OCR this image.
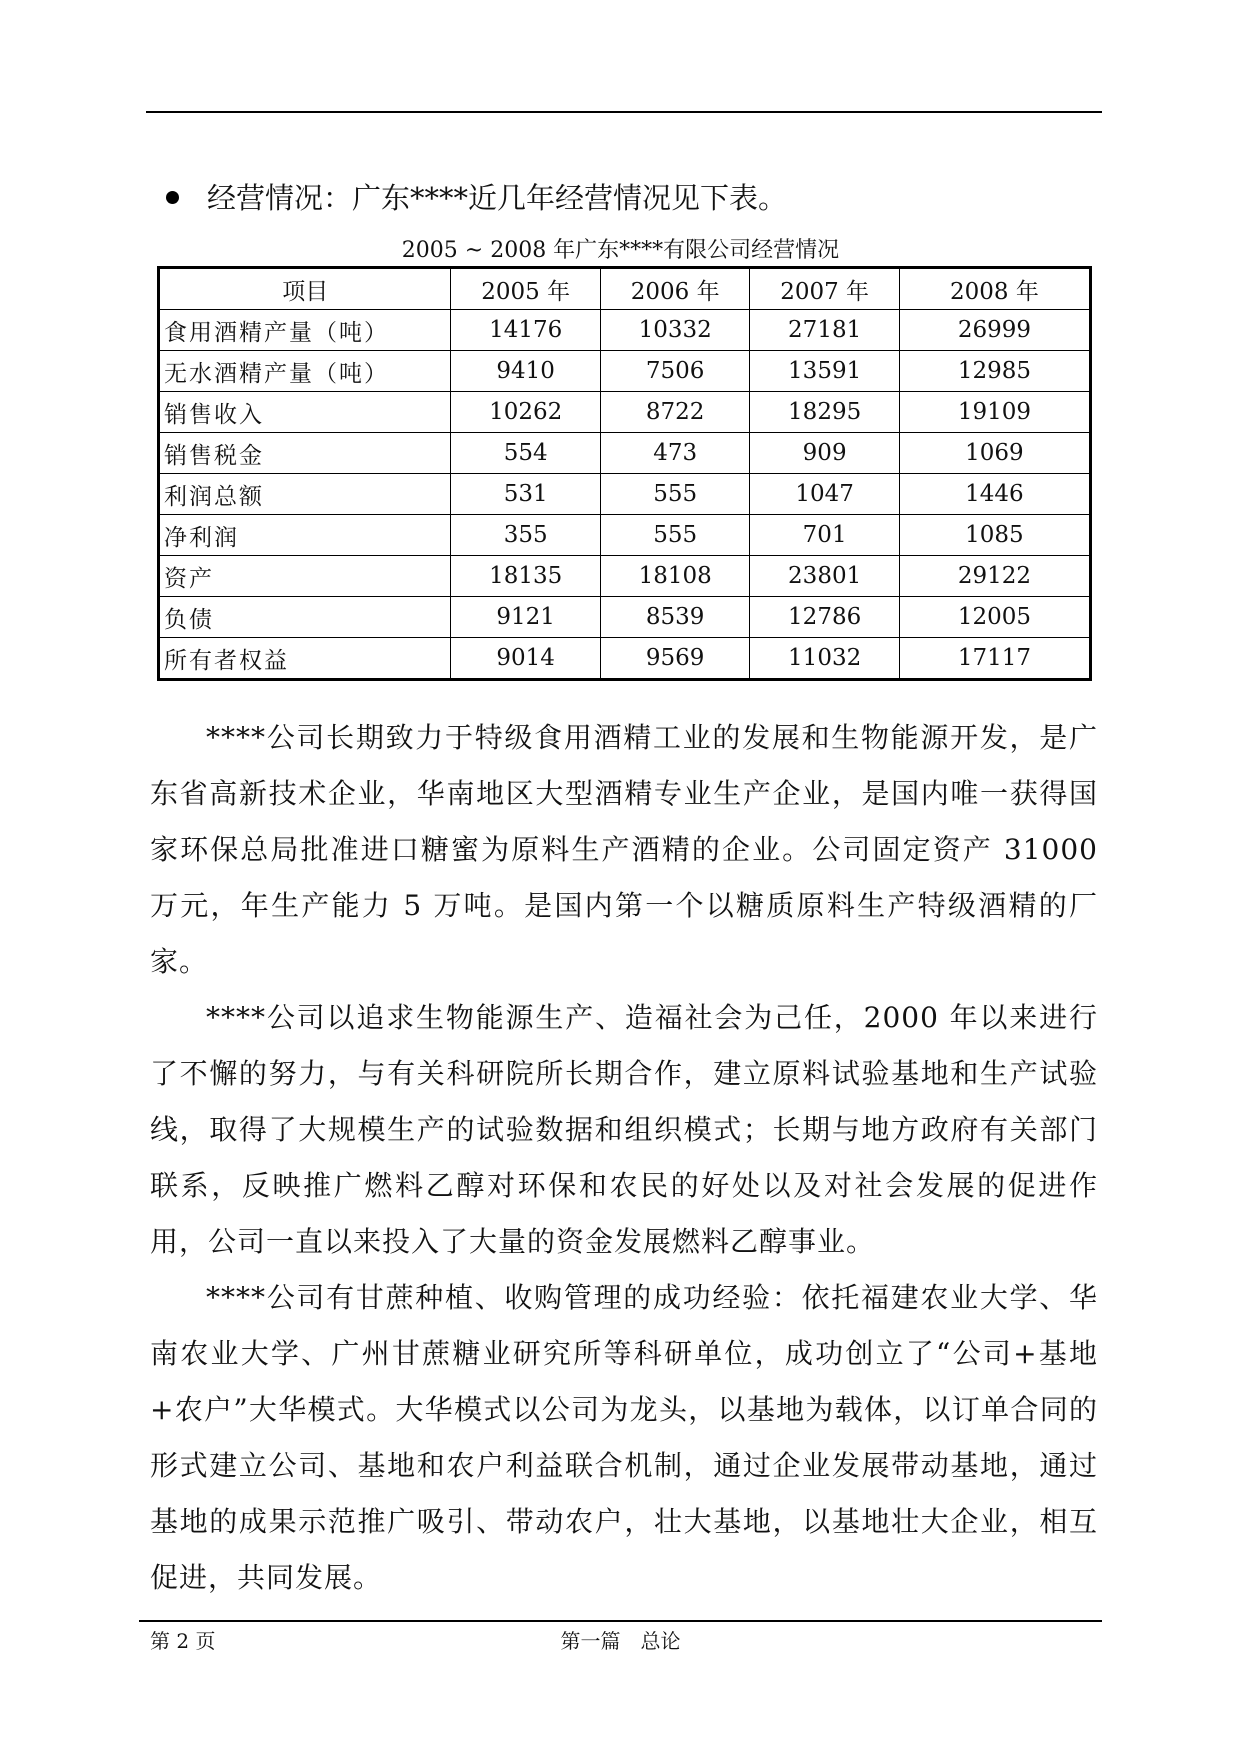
经营情况：广东****近几年经营情况见下表。
2005 ~ 2008 年广东****有限公司经营情况
项目	2005 年	2006 年	2007 年	2008 年
食用酒精产量（吨）	14176	10332	27181	26999
无水酒精产量（吨）	9410	7506	13591	12985
销售收入	10262	8722	18295	19109
销售税金	554	473	909	1069
利润总额	531	555	1047	1446
净利润	355	555	701	1085
资产	18135	18108	23801	29122
负债	9121	8539	12786	12005
所有者权益	9014	9569	11032	17117

****公司长期致力于特级食用酒精工业的发展和生物能源开发，是广东省高新技术企业，华南地区大型酒精专业生产企业，是国内唯一获得国家环保总局批准进口糖蜜为原料生产酒精的企业。公司固定资产 31000 万元，年生产能力 5 万吨。是国内第一个以糖质原料生产特级酒精的厂家。

****公司以追求生物能源生产、造福社会为己任，2000 年以来进行了不懈的努力，与有关科研院所长期合作，建立原料试验基地和生产试验线，取得了大规模生产的试验数据和组织模式；长期与地方政府有关部门联系，反映推广燃料乙醇对环保和农民的好处以及对社会发展的促进作用，公司一直以来投入了大量的资金发展燃料乙醇事业。

****公司有甘蔗种植、收购管理的成功经验：依托福建农业大学、华南农业大学、广州甘蔗糖业研究所等科研单位，成功创立了“公司+基地+农户”大华模式。大华模式以公司为龙头，以基地为载体，以订单合同的形式建立公司、基地和农户利益联合机制，通过企业发展带动基地，通过基地的成果示范推广吸引、带动农户，壮大基地，以基地壮大企业，相互促进，共同发展。

第 2 页	第一篇　总论
